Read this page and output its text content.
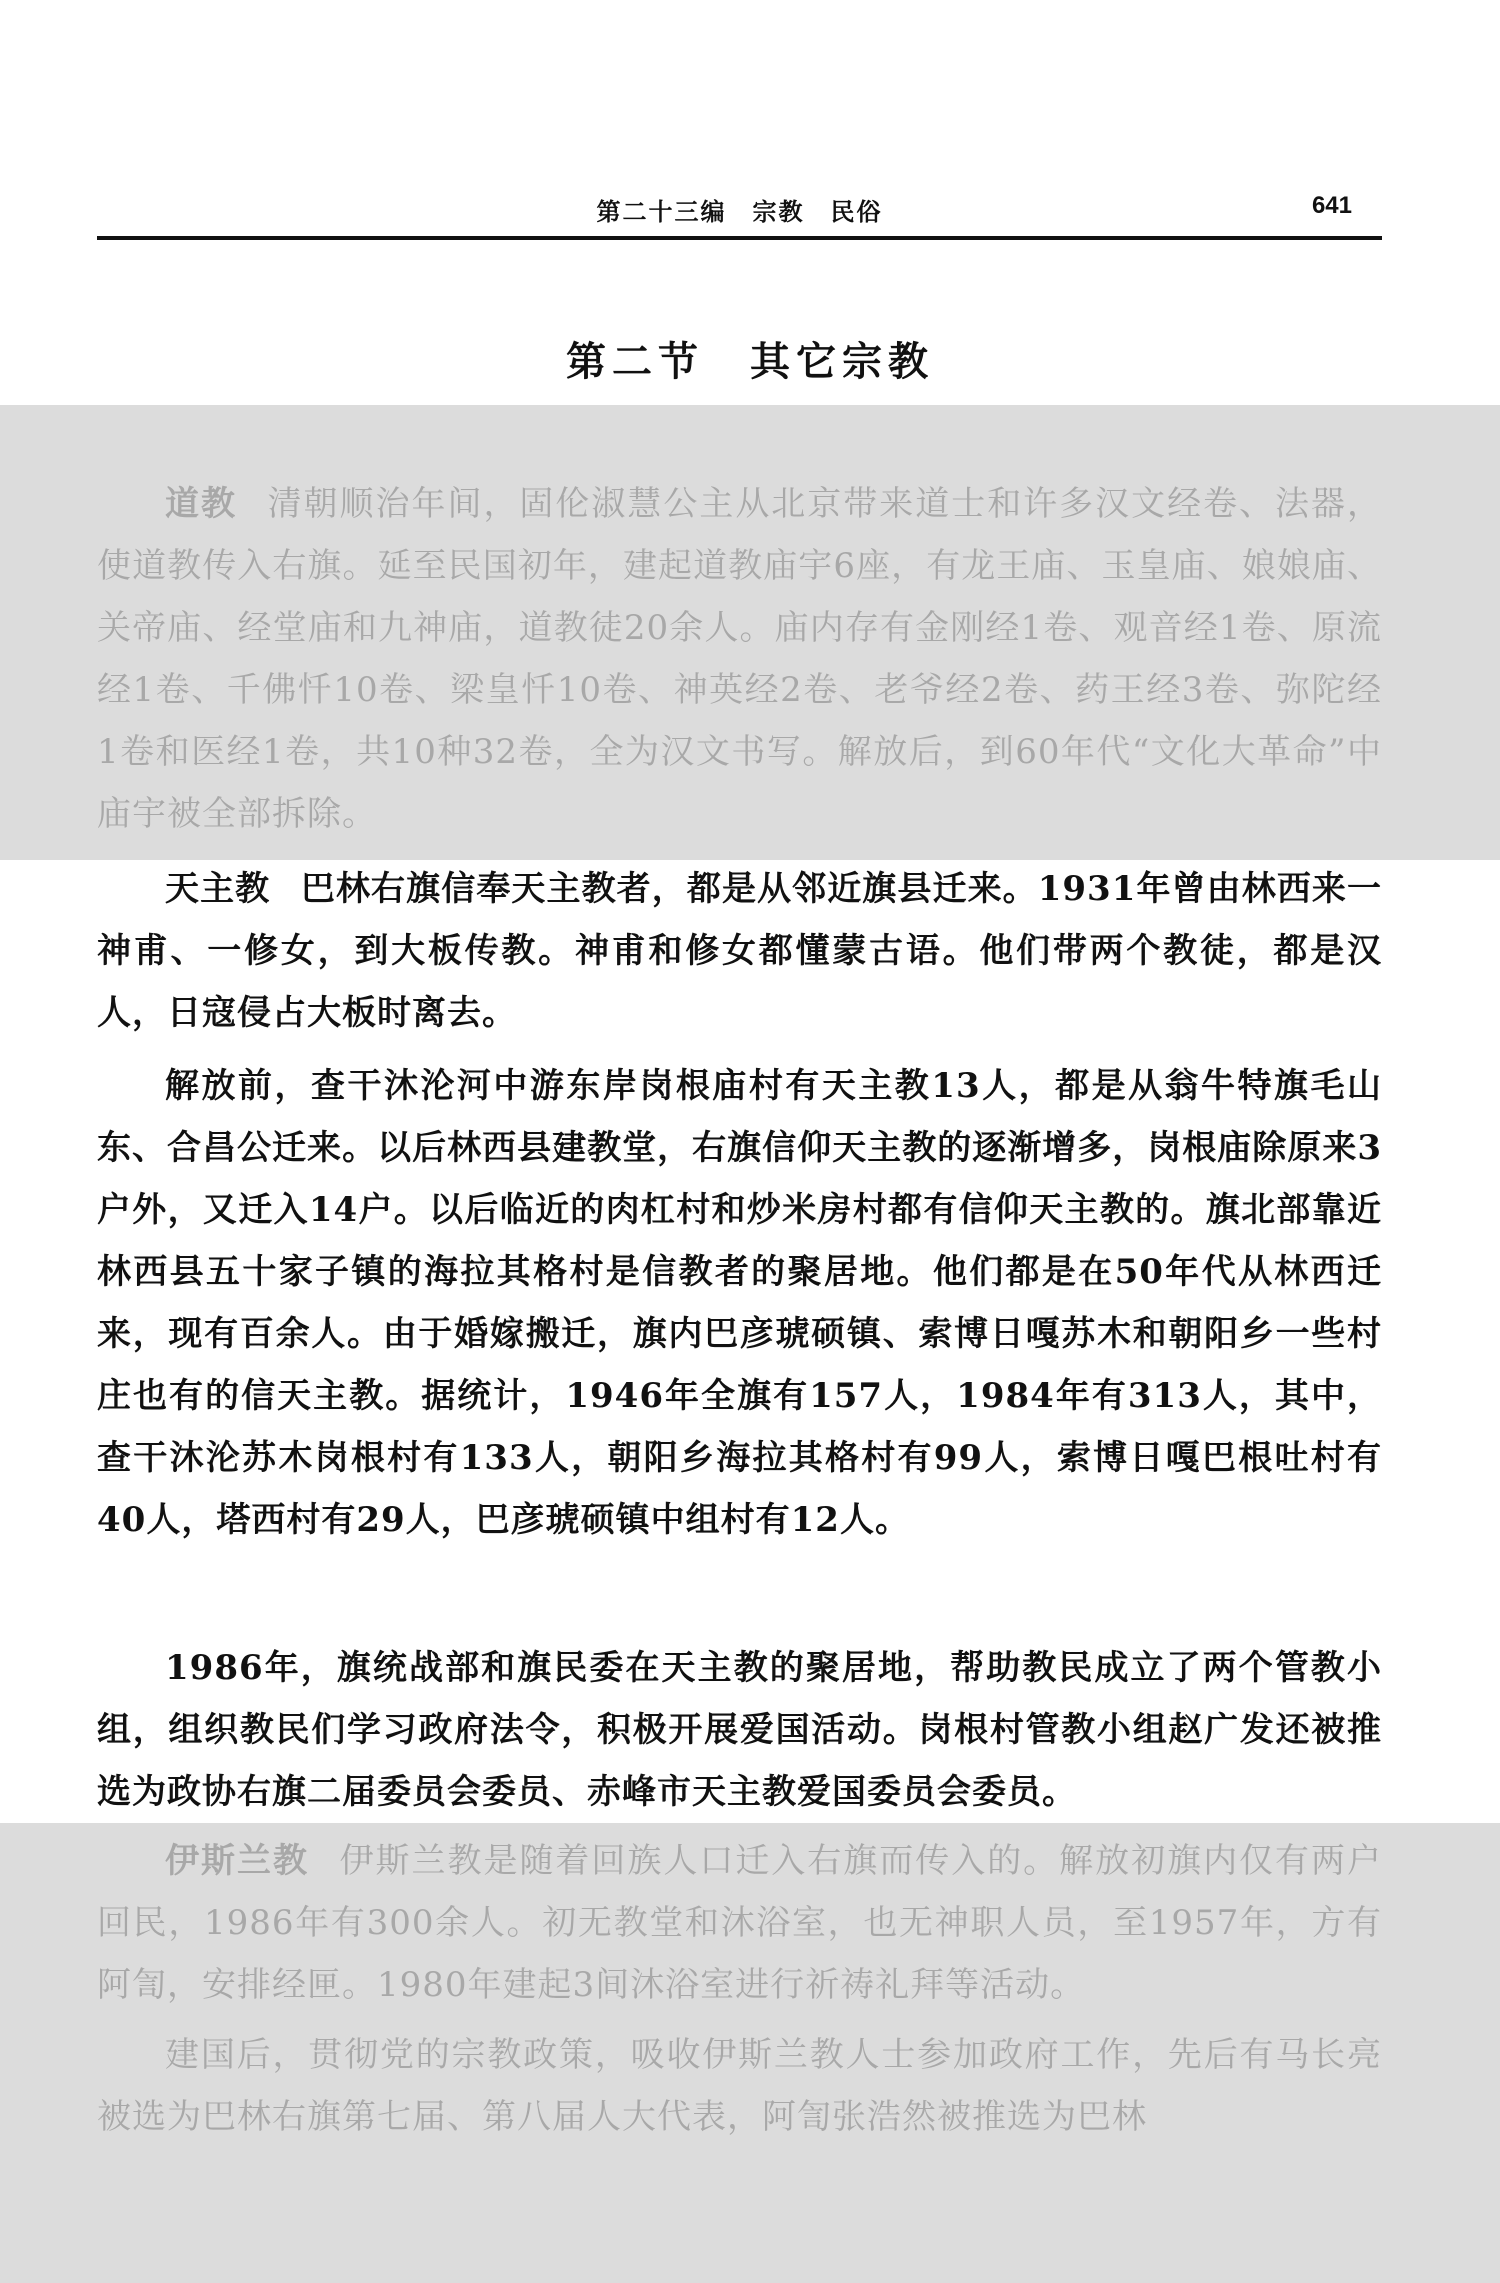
第二十三编　宗教　民俗	641
第二节　其它宗教

道教 清朝顺治年间，固伦淑慧公主从北京带来道士和许多汉文经卷、法器，使道教传入右旗。延至民国初年，建起道教庙宇6座，有龙王庙、玉皇庙、娘娘庙、关帝庙、经堂庙和九神庙，道教徒20余人。庙内存有金刚经1卷、观音经1卷、原流经1卷、千佛忏10卷、梁皇忏10卷、神英经2卷、老爷经2卷、药王经3卷、弥陀经1卷和医经1卷，共10种32卷，全为汉文书写。解放后，到60年代“文化大革命”中庙宇被全部拆除。

天主教 巴林右旗信奉天主教者，都是从邻近旗县迁来。1931年曾由林西来一神甫、一修女，到大板传教。神甫和修女都懂蒙古语。他们带两个教徒，都是汉人，日寇侵占大板时离去。

解放前，查干沐沦河中游东岸岗根庙村有天主教13人，都是从翁牛特旗毛山东、合昌公迁来。以后林西县建教堂，右旗信仰天主教的逐渐增多，岗根庙除原来3户外，又迁入14户。以后临近的肉杠村和炒米房村都有信仰天主教的。旗北部靠近林西县五十家子镇的海拉其格村是信教者的聚居地。他们都是在50年代从林西迁来，现有百余人。由于婚嫁搬迁，旗内巴彦琥硕镇、索博日嘎苏木和朝阳乡一些村庄也有的信天主教。据统计，1946年全旗有157人，1984年有313人，其中，查干沐沦苏木岗根村有133人，朝阳乡海拉其格村有99人，索博日嘎巴根吐村有40人，塔西村有29人，巴彦琥硕镇中组村有12人。

1986年，旗统战部和旗民委在天主教的聚居地，帮助教民成立了两个管教小组，组织教民们学习政府法令，积极开展爱国活动。岗根村管教小组赵广发还被推选为政协右旗二届委员会委员、赤峰市天主教爱国委员会委员。

伊斯兰教 伊斯兰教是随着回族人口迁入右旗而传入的。解放初旗内仅有两户回民，1986年有300余人。初无教堂和沐浴室，也无神职人员，至1957年，方有阿訇，安排经匣。1980年建起3间沐浴室进行祈祷礼拜等活动。

建国后，贯彻党的宗教政策，吸收伊斯兰教人士参加政府工作，先后有马长亮被选为巴林右旗第七届、第八届人大代表，阿訇张浩然被推选为巴林
